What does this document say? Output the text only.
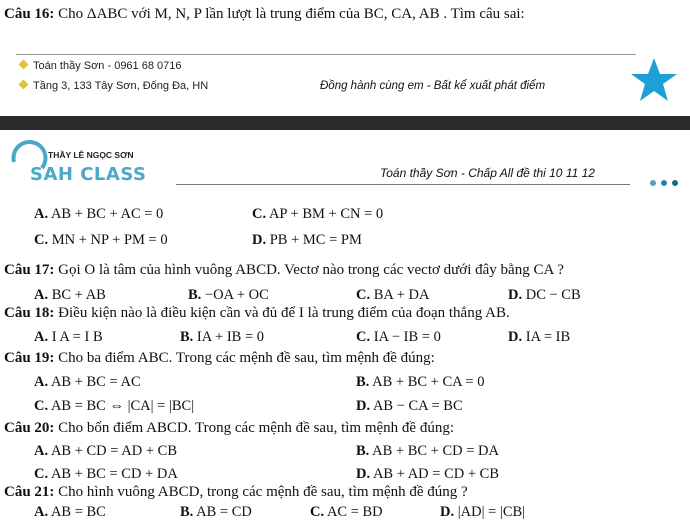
Câu 16: Cho ΔABC với M, N, P lần lượt là trung điểm của BC, CA, AB . Tìm câu sai:
Toán thầy Sơn - 0961 68 0716
Tầng 3, 133 Tây Sơn, Đống Đa, HN	Đồng hành cùng em - Bất kể xuất phát điểm
THẦY LÊ NGỌC SƠN
SAH CLASS	Toán thầy Sơn - Chấp All đề thi 10 11 12
A. AB + BC + AC = 0	C. AP + BM + CN = 0
C. MN + NP + PM = 0	D. PB + MC = PM
Câu 17: Gọi O là tâm của hình vuông ABCD. Vectơ nào trong các vectơ dưới đây bằng CA ?
A. BC + AB	B. −OA + OC	C. BA + DA	D. DC − CB
Câu 18: Điều kiện nào là điều kiện cần và đủ để I là trung điểm của đoạn thẳng AB.
A. I A = I B	B. IA + IB = 0	C. IA − IB = 0	D. IA = IB
Câu 19: Cho ba điểm ABC. Trong các mệnh đề sau, tìm mệnh đề đúng:
A. AB + BC = AC	B. AB + BC + CA = 0
C. AB = BC ⇔ |CA| = |BC|	D. AB − CA = BC
Câu 20: Cho bốn điểm ABCD. Trong các mệnh đề sau, tìm mệnh đề đúng:
A. AB + CD = AD + CB	B. AB + BC + CD = DA
C. AB + BC = CD + DA	D. AB + AD = CD + CB
Câu 21: Cho hình vuông ABCD, trong các mệnh đề sau, tìm mệnh đề đúng ?
A. AB = BC	B. AB = CD	C. AC = BD	D. |AD| = |CB|
